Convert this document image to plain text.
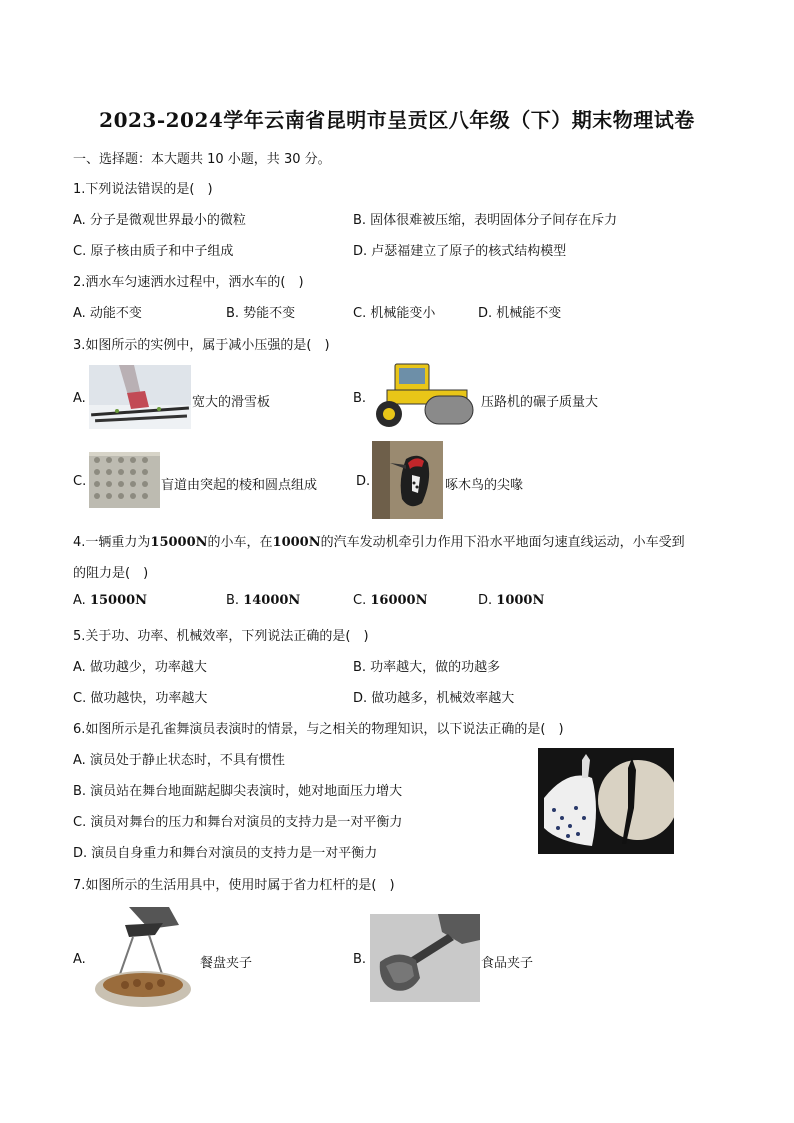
2023-2024学年云南省昆明市呈贡区八年级（下）期末物理试卷
一、选择题：本大题共 10 小题，共 30 分。
1.下列说法错误的是(　)
A. 分子是微观世界最小的微粒	B. 固体很难被压缩，表明固体分子间存在斥力
C. 原子核由质子和中子组成	D. 卢瑟福建立了原子的核式结构模型
2.洒水车匀速洒水过程中，洒水车的(　)
A. 动能不变	B. 势能不变	C. 机械能变小	D. 机械能不变
3.如图所示的实例中，属于减小压强的是(　)
A.	宽大的滑雪板	B.	压路机的碾子质量大
C.	盲道由突起的棱和圆点组成	D.	啄木鸟的尖喙
4.一辆重力为15000N的小车，在1000N的汽车发动机牵引力作用下沿水平地面匀速直线运动，小车受到
的阻力是(　)
A. 15000N	B. 14000N	C. 16000N	D. 1000N
5.关于功、功率、机械效率，下列说法正确的是(　)
A. 做功越少，功率越大	B. 功率越大，做的功越多
C. 做功越快，功率越大	D. 做功越多，机械效率越大
6.如图所示是孔雀舞演员表演时的情景，与之相关的物理知识，以下说法正确的是(　)
A. 演员处于静止状态时，不具有惯性
B. 演员站在舞台地面踮起脚尖表演时，她对地面压力增大
C. 演员对舞台的压力和舞台对演员的支持力是一对平衡力
D. 演员自身重力和舞台对演员的支持力是一对平衡力
7.如图所示的生活用具中，使用时属于省力杠杆的是(　)
A.	餐盘夹子	B.	食品夹子
